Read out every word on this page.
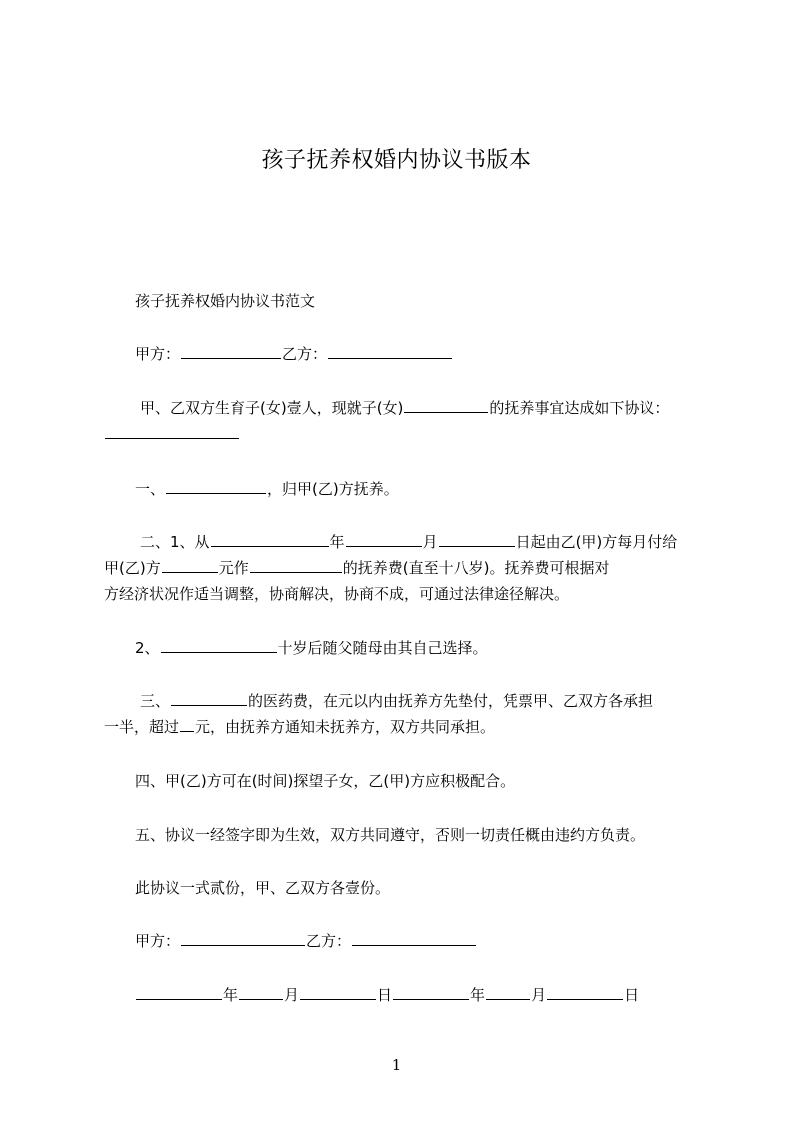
孩子抚养权婚内协议书版本
孩子抚养权婚内协议书范文
甲方：	乙方：
甲、乙双方生育子(女)壹人，现就子(女)	的抚养事宜达成如下协议：
一、	，归甲(乙)方抚养。
二、1、从	年	月	日起由乙(甲)方每月付给
甲(乙)方	元作	的抚养费(直至十八岁)。抚养费可根据对
方经济状况作适当调整，协商解决，协商不成，可通过法律途径解决。
2、	十岁后随父随母由其自己选择。
三、	的医药费，在元以内由抚养方先垫付，凭票甲、乙双方各承担
一半，超过 元，由抚养方通知未抚养方，双方共同承担。
四、甲(乙)方可在(时间)探望子女，乙(甲)方应积极配合。
五、协议一经签字即为生效，双方共同遵守，否则一切责任概由违约方负责。
此协议一式贰份，甲、乙双方各壹份。
甲方：	乙方：
年	月	日	年	月	日
1
